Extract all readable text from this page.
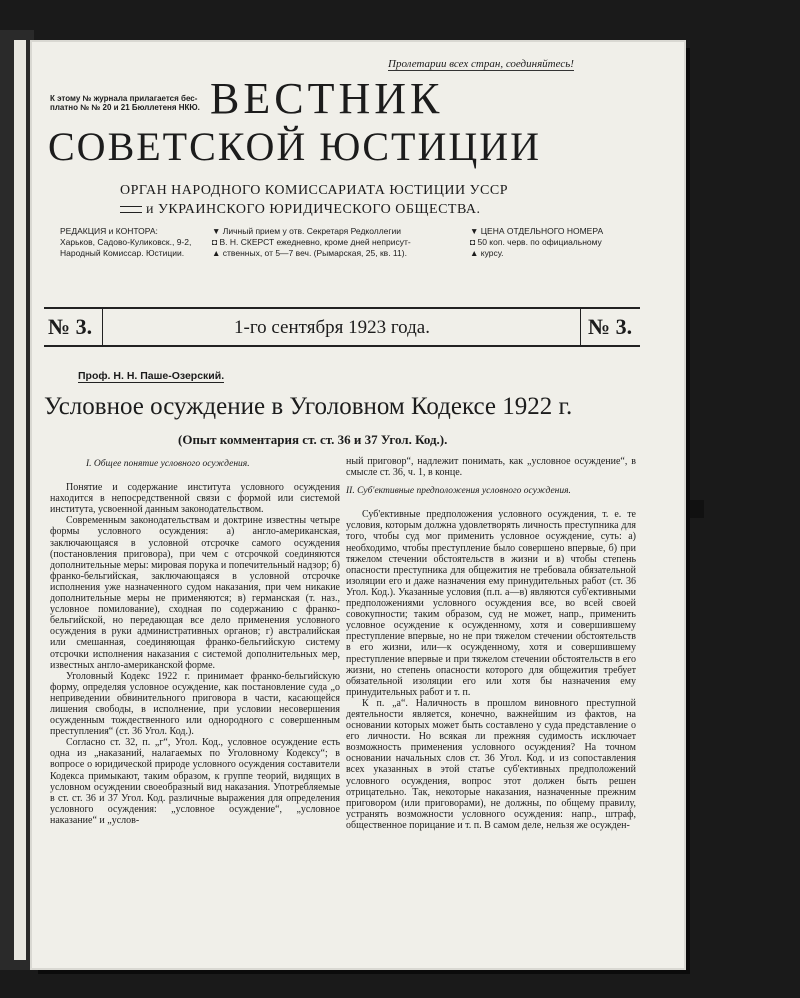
К этому № журнала прилагается бес-
платно № № 20 и 21 Бюллетеня НКЮ.
Пролетарии всех стран, соединяйтесь!
ВЕСТНИК
СОВЕТСКОЙ ЮСТИЦИИ
ОРГАН НАРОДНОГО КОМИССАРИАТА ЮСТИЦИИ УССР
и УКРАИНСКОГО ЮРИДИЧЕСКОГО ОБЩЕСТВА.
РЕДАКЦИЯ и КОНТОРА:
Харьков, Садово-Куликовск., 9-2,
Народный Комиссар. Юстиции.
▼ Личный прием у отв. Секретаря Редколлегии
◘ В. Н. СКЕРСТ ежедневно, кроме дней неприсут-
▲ ственных, от 5—7 веч. (Рымарская, 25, кв. 11).
▼ ЦЕНА ОТДЕЛЬНОГО НОМЕРА
◘ 50 коп. черв. по официальному
▲ курсу.
№ 3.	1-го сентября 1923 года.	№ 3.
Проф. Н. Н. Паше-Озерский.
Условное осуждение в Уголовном Кодексе 1922 г.
(Опыт комментария ст. ст. 36 и 37 Угол. Код.).

I. Общее понятие условного осуждения.

Понятие и содержание института условного осуждения находится в непосредственной связи с формой или системой института, усвоенной данным законодательством.

Современным законодательствам и доктрине известны четыре формы условного осуждения: а) англо-американская, заключающаяся в условной отсрочке самого осуждения (постановления приговора), при чем с отсрочкой соединяются дополнительные меры: мировая порука и попечительный надзор; б) франко-бельгийская, заключающаяся в условной отсрочке исполнения уже назначенного судом наказания, при чем никакие дополнительные меры не применяются; в) германская (т. наз., условное помилование), сходная по содержанию с франко-бельгийской, но передающая все дело применения условного осуждения в руки административных органов; г) австралийская или смешанная, соединяющая франко-бельгийскую систему отсрочки исполнения наказания с системой дополнительных мер, известных англо-американской форме.

Уголовный Кодекс 1922 г. принимает франко-бельгийскую форму, определяя условное осуждение, как постановление суда „о неприведении обвинительного приговора в части, касающейся лишения свободы, в исполнение, при условии несовершения осужденным тождественного или однородного с совершенным преступления“ (ст. 36 Угол. Код.).

Согласно ст. 32, п. „г“, Угол. Код., условное осуждение есть одна из „наказаний, налагаемых по Уголовному Кодексу“; в вопросе о юридической природе условного осуждения составители Кодекса примыкают, таким образом, к группе теорий, видящих в условном осуждении своеобразный вид наказания. Употребляемые в ст. ст. 36 и 37 Угол. Код. различные выражения для определения условного осуждения: „условное осуждение“, „условное наказание“ и „услов-

ный приговор“, надлежит понимать, как „условное осуждение“, в смысле ст. 36, ч. 1, в конце.

II. Суб'ективные предположения условного осуждения.

Суб'ективные предположения условного осуждения, т. е. те условия, которым должна удовлетворять личность преступника для того, чтобы суд мог применить условное осуждение, суть: а) необходимо, чтобы преступление было совершено впервые, б) при тяжелом стечении обстоятельств в жизни и в) чтобы степень опасности преступника для общежития не требовала обязательной изоляции его и даже назначения ему принудительных работ (ст. 36 Угол. Код.). Указанные условия (п.п. а—в) являются суб'ективными предположениями условного осуждения все, во всей своей совокупности; таким образом, суд не может, напр., применить условное осуждение к осужденному, хотя и совершившему преступление впервые, но не при тяжелом стечении обстоятельств в его жизни, или—к осужденному, хотя и совершившему преступление впервые и при тяжелом стечении обстоятельств в его жизни, но степень опасности которого для общежития требует обязательной изоляции его или хотя бы назначения ему принудительных работ и т. п.

К п. „а“. Наличность в прошлом виновного преступной деятельности является, конечно, важнейшим из фактов, на основании которых может быть составлено у суда представление о его личности. Но всякая ли прежняя судимость исключает возможность применения условного осуждения? На точном основании начальных слов ст. 36 Угол. Код. и из сопоставления всех указанных в этой статье суб'ективных предположений условного осуждения, вопрос этот должен быть решен отрицательно. Так, некоторые наказания, назначенные прежним приговором (или приговорами), не должны, по общему правилу, устранять возможности условного осуждения: напр., штраф, общественное порицание и т. п. В самом деле, нельзя же осужден-
